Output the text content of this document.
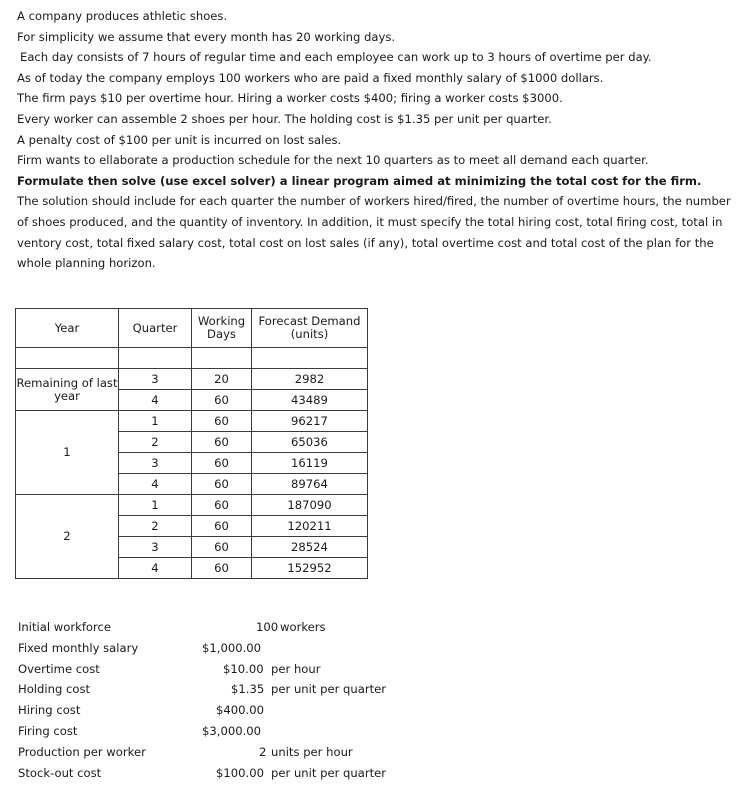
A company produces athletic shoes.
For simplicity we assume that every month has 20 working days.
Each day consists of 7 hours of regular time and each employee can work up to 3 hours of overtime per day.
As of today the company employs 100 workers who are paid a fixed monthly salary of $1000 dollars.
The firm pays $10 per overtime hour. Hiring a worker costs $400; firing a worker costs $3000.
Every worker can assemble 2 shoes per hour. The holding cost is $1.35 per unit per quarter.
A penalty cost of $100 per unit is incurred on lost sales.
Firm wants to ellaborate a production schedule for the next 10 quarters as to meet all demand each quarter.
Formulate then solve (use excel solver) a linear program aimed at minimizing the total cost for the firm.
The solution should include for each quarter the number of workers hired/fired, the number of overtime hours, the number of shoes produced, and the quantity of inventory. In addition, it must specify the total hiring cost, total firing cost, total in ventory cost, total fixed salary cost, total cost on lost sales (if any), total overtime cost and total cost of the plan for the whole planning horizon.
Year	Quarter	Working Days	Forecast Demand (units)

Remaining of last year	3	20	2982
	4	60	43489
1	1	60	96217
	2	60	65036
	3	60	16119
	4	60	89764
2	1	60	187090
	2	60	120211
	3	60	28524
	4	60	152952
Initial workforce	100 workers
Fixed monthly salary	$1,000.00
Overtime cost	$10.00 per hour
Holding cost	$1.35 per unit per quarter
Hiring cost	$400.00
Firing cost	$3,000.00
Production per worker	2 units per hour
Stock-out cost	$100.00 per unit per quarter
